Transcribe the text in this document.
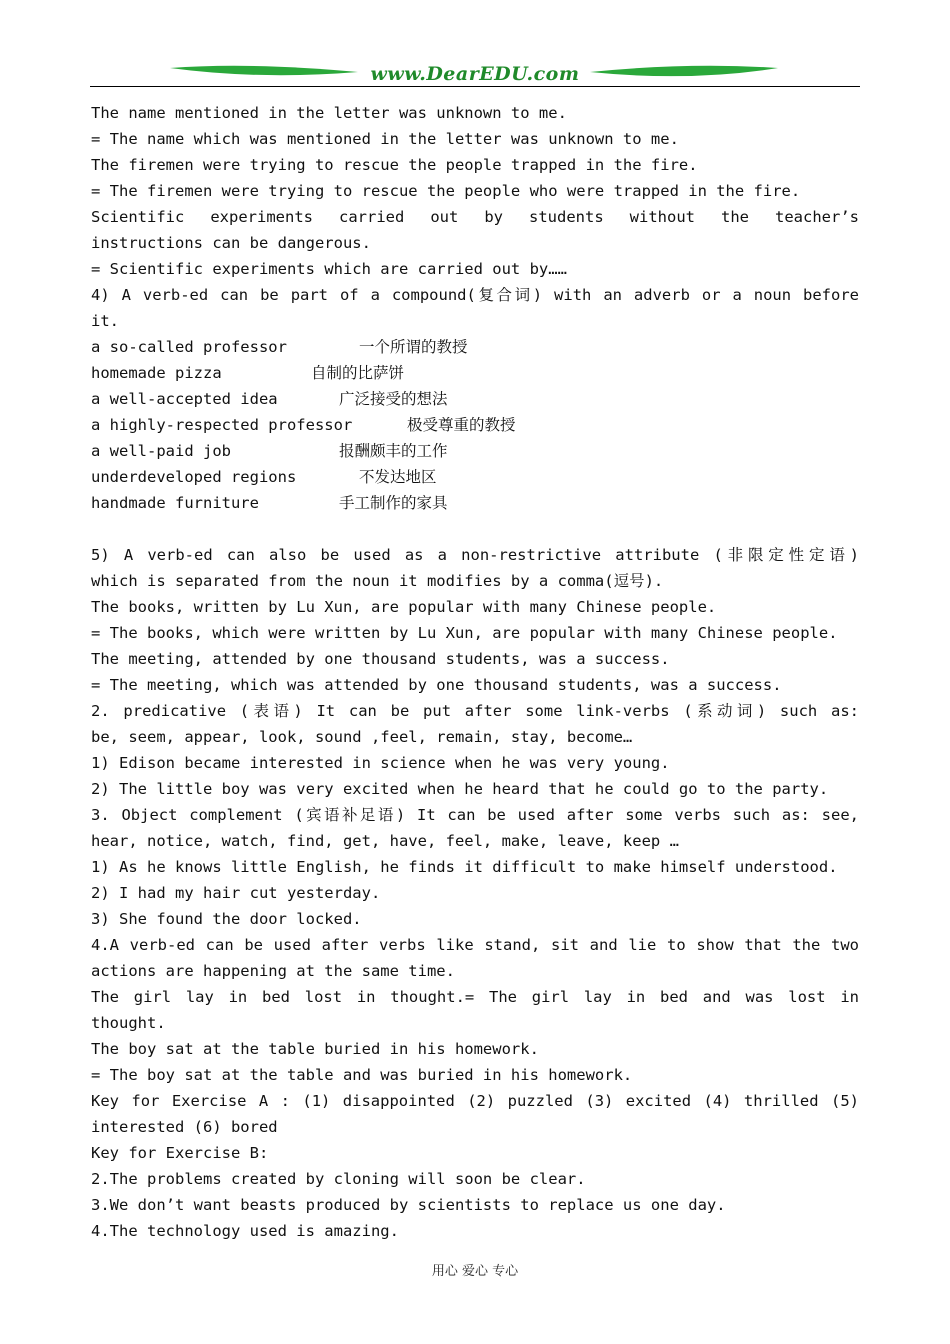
www.DearEDU.com
The name mentioned in the letter was unknown to me.
= The name which was mentioned in the letter was unknown to me.
The firemen were trying to rescue the people trapped in the fire.
= The firemen were trying to rescue the people who were trapped in the fire.
Scientific experiments carried out by students without the teacher’s
instructions can be dangerous.
= Scientific experiments which are carried out by……
4) A verb-ed can be part of a compound(复合词) with an adverb or a noun before
it.
a so-called professor	一个所谓的教授
homemade pizza	自制的比萨饼
a well-accepted idea	广泛接受的想法
a highly-respected professor	极受尊重的教授
a well-paid job	报酬颇丰的工作
underdeveloped regions	不发达地区
handmade furniture	手工制作的家具
5) A verb-ed can also be used as a non-restrictive attribute (非限定性定语)
which is separated from the noun it modifies by a comma(逗号).
The books, written by Lu Xun, are popular with many Chinese people.
= The books, which were written by Lu Xun, are popular with many Chinese people.
The meeting, attended by one thousand students, was a success.
= The meeting, which was attended by one thousand students, was a success.
2. predicative (表语) It can be put after some link-verbs (系动词) such as:
be, seem, appear, look, sound ,feel, remain, stay, become…
1) Edison became interested in science when he was very young.
2) The little boy was very excited when he heard that he could go to the party.
3. Object complement (宾语补足语) It can be used after some verbs such as: see,
hear, notice, watch, find, get, have, feel, make, leave, keep …
1) As he knows little English, he finds it difficult to make himself understood.
2) I had my hair cut yesterday.
3) She found the door locked.
4.A verb-ed can be used after verbs like stand, sit and lie to show that the two
actions are happening at the same time.
The girl lay in bed lost in thought.= The girl lay in bed and was lost in
thought.
The boy sat at the table buried in his homework.
= The boy sat at the table and was buried in his homework.
Key for Exercise A : (1) disappointed (2) puzzled (3) excited (4) thrilled (5)
interested (6) bored
Key for Exercise B:
2.The problems created by cloning will soon be clear.
3.We don’t want beasts produced by scientists to replace us one day.
4.The technology used is amazing.
用心 爱心 专心
